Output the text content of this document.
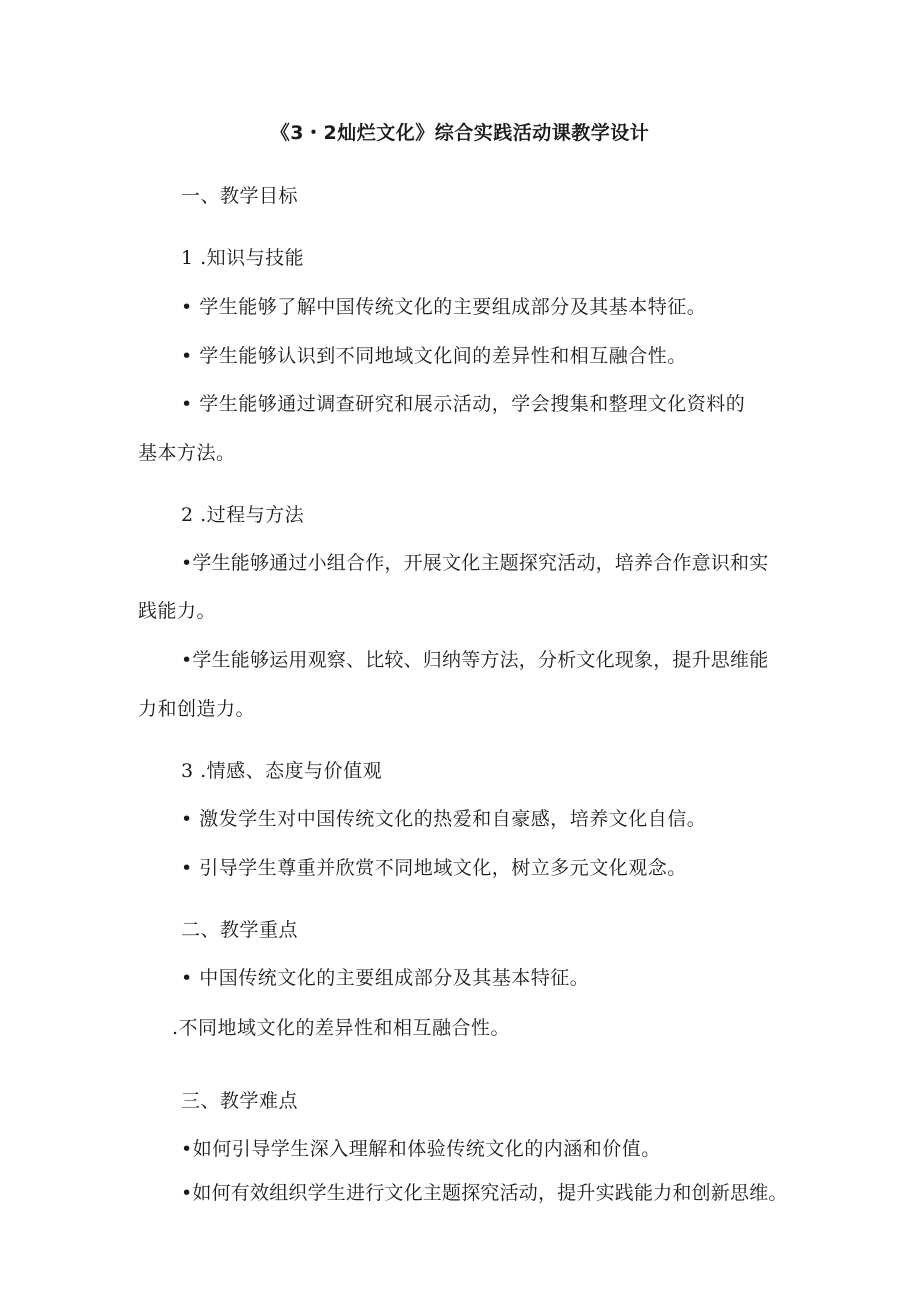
《3・2灿烂文化》综合实践活动课教学设计
一、教学目标
1 .知识与技能
• 学生能够了解中国传统文化的主要组成部分及其基本特征。
• 学生能够认识到不同地域文化间的差异性和相互融合性。
• 学生能够通过调查研究和展示活动，学会搜集和整理文化资料的
基本方法。
2 .过程与方法
•学生能够通过小组合作，开展文化主题探究活动，培养合作意识和实
践能力。
•学生能够运用观察、比较、归纳等方法，分析文化现象，提升思维能
力和创造力。
3 .情感、态度与价值观
• 激发学生对中国传统文化的热爱和自豪感，培养文化自信。
• 引导学生尊重并欣赏不同地域文化，树立多元文化观念。
二、教学重点
• 中国传统文化的主要组成部分及其基本特征。
.不同地域文化的差异性和相互融合性。
三、教学难点
•如何引导学生深入理解和体验传统文化的内涵和价值。
•如何有效组织学生进行文化主题探究活动，提升实践能力和创新思维。
